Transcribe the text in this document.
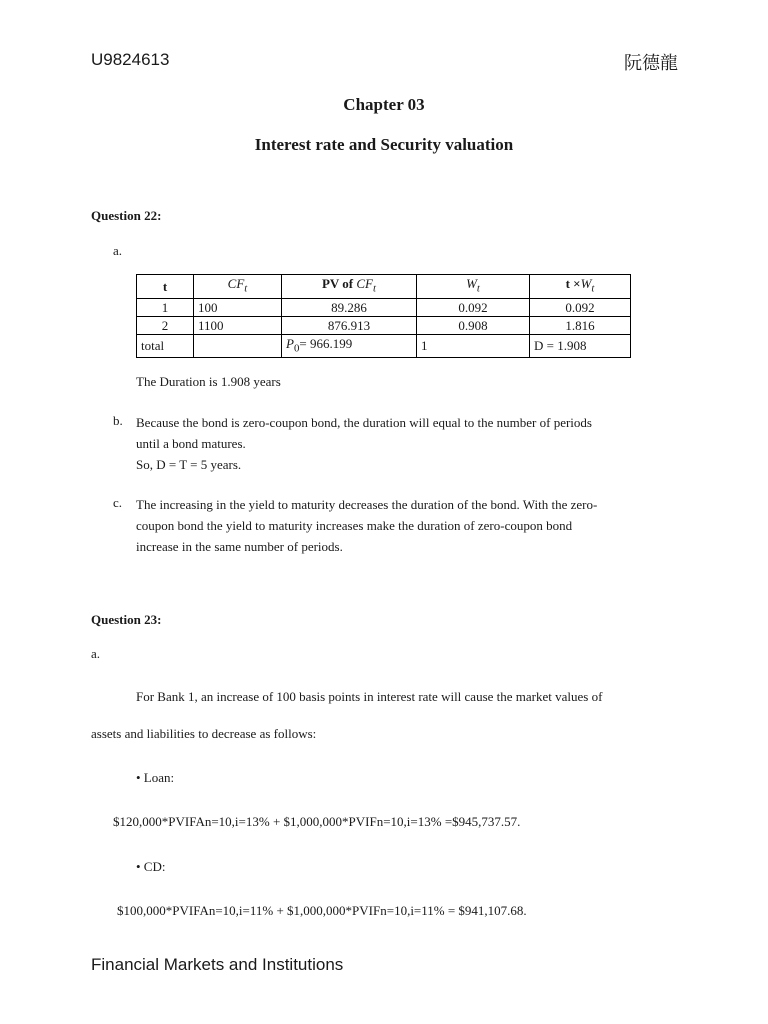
U9824613	阮德龍
Chapter 03
Interest rate and Security valuation
Question 22:
a.
t	$CF_t$	PV of $CF_t$	$W_t$	$t \times W_t$
1	100	89.286	0.092	0.092
2	1100	876.913	0.908	1.816
total		$P_0= 966.199$	1	D = 1.908
The Duration is 1.908 years
b. Because the bond is zero-coupon bond, the duration will equal to the number of periods
until a bond matures.
So, D = T = 5 years.
c. The increasing in the yield to maturity decreases the duration of the bond. With the zero-
coupon bond the yield to maturity increases make the duration of zero-coupon bond
increase in the same number of periods.
Question 23:
a.
For Bank 1, an increase of 100 basis points in interest rate will cause the market values of
assets and liabilities to decrease as follows:
• Loan:
$120,000*PVIFAn=10,i=13% + $1,000,000*PVIFn=10,i=13% =$945,737.57.
• CD:
$100,000*PVIFAn=10,i=11% + $1,000,000*PVIFn=10,i=11% = $941,107.68.
Financial Markets and Institutions
